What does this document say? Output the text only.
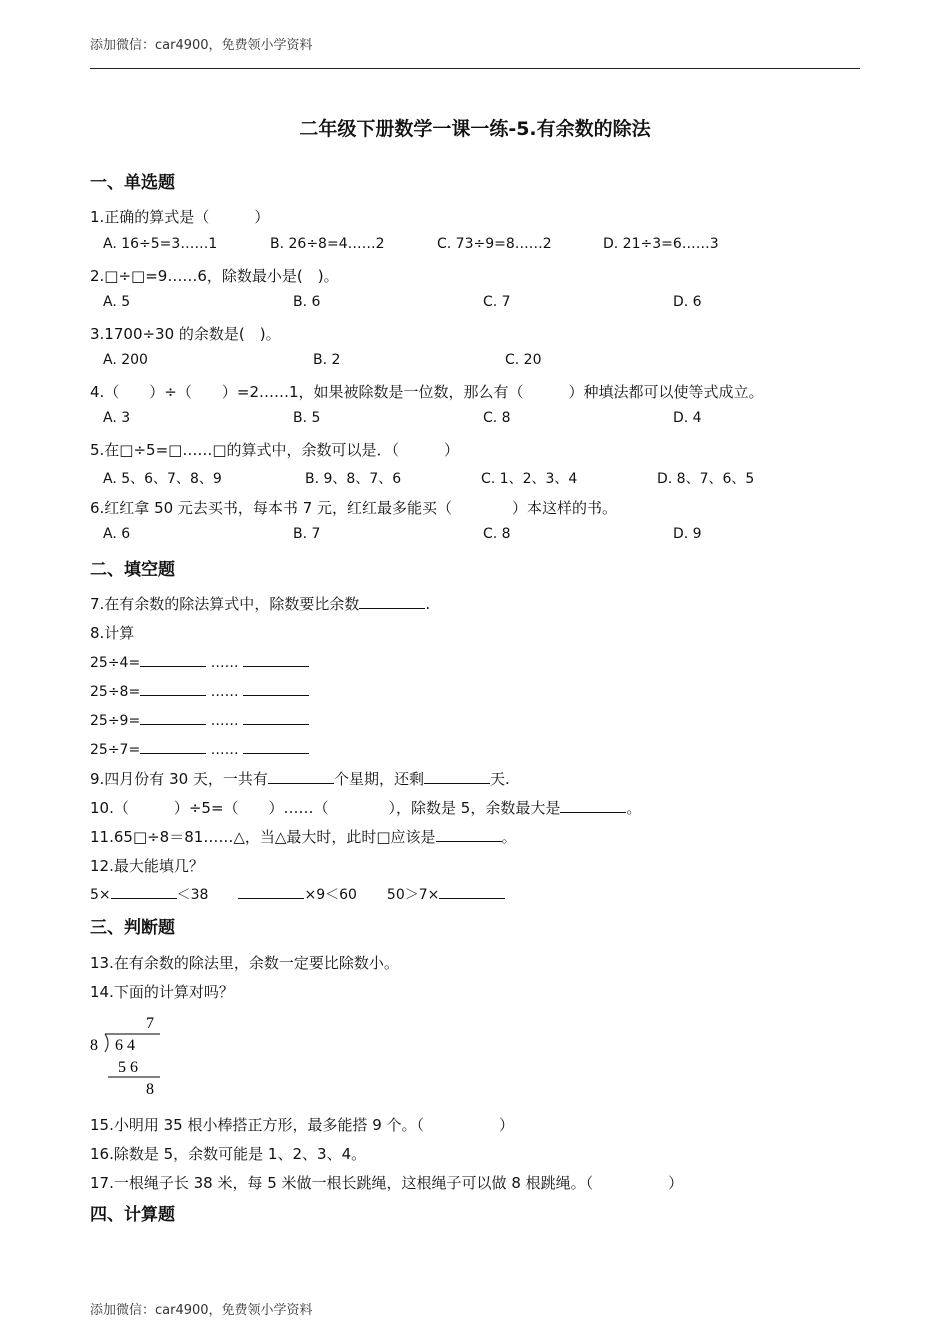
添加微信：car4900，免费领小学资料
二年级下册数学一课一练-5.有余数的除法
一、单选题
1.正确的算式是（　　　）
A. 16÷5=3……1	B. 26÷8=4……2	C. 73÷9=8……2	D. 21÷3=6……3
2.□÷□=9……6，除数最小是(　)。
A. 5	B. 6	C. 7	D. 6
3.1700÷30 的余数是(　)。
A. 200	B. 2	C. 20
4.（　　）÷（　　）=2……1，如果被除数是一位数，那么有（　　　）种填法都可以使等式成立。
A. 3	B. 5	C. 8	D. 4
5.在□÷5=□……□的算式中，余数可以是．（　　　）
A. 5、6、7、8、9	B. 9、8、7、6	C. 1、2、3、4	D. 8、7、6、5
6.红红拿 50 元去买书，每本书 7 元，红红最多能买（　　　　）本这样的书。
A. 6	B. 7	C. 8	D. 9
二、填空题
7.在有余数的除法算式中，除数要比余数	.
8.计算
25÷4=	……
25÷8=	……
25÷9=	……
25÷7=	……
9.四月份有 30 天，一共有	个星期，还剩	天.
10.（　　　）÷5=（　　）……（　　　　），除数是 5，余数最大是	。
11.65□÷8＝81……△，当△最大时，此时□应该是	。
12.最大能填几？
5×	＜38	×9＜60 50＞7×
三、判断题
13.在有余数的除法里，余数一定要比除数小。
14.下面的计算对吗？
7
8 6 4
5 6
8
15.小明用 35 根小棒搭正方形，最多能搭 9 个。（　　　　　）
16.除数是 5，余数可能是 1、2、3、4。
17.一根绳子长 38 米，每 5 米做一根长跳绳，这根绳子可以做 8 根跳绳。（　　　　　）
四、计算题
添加微信：car4900，免费领小学资料
